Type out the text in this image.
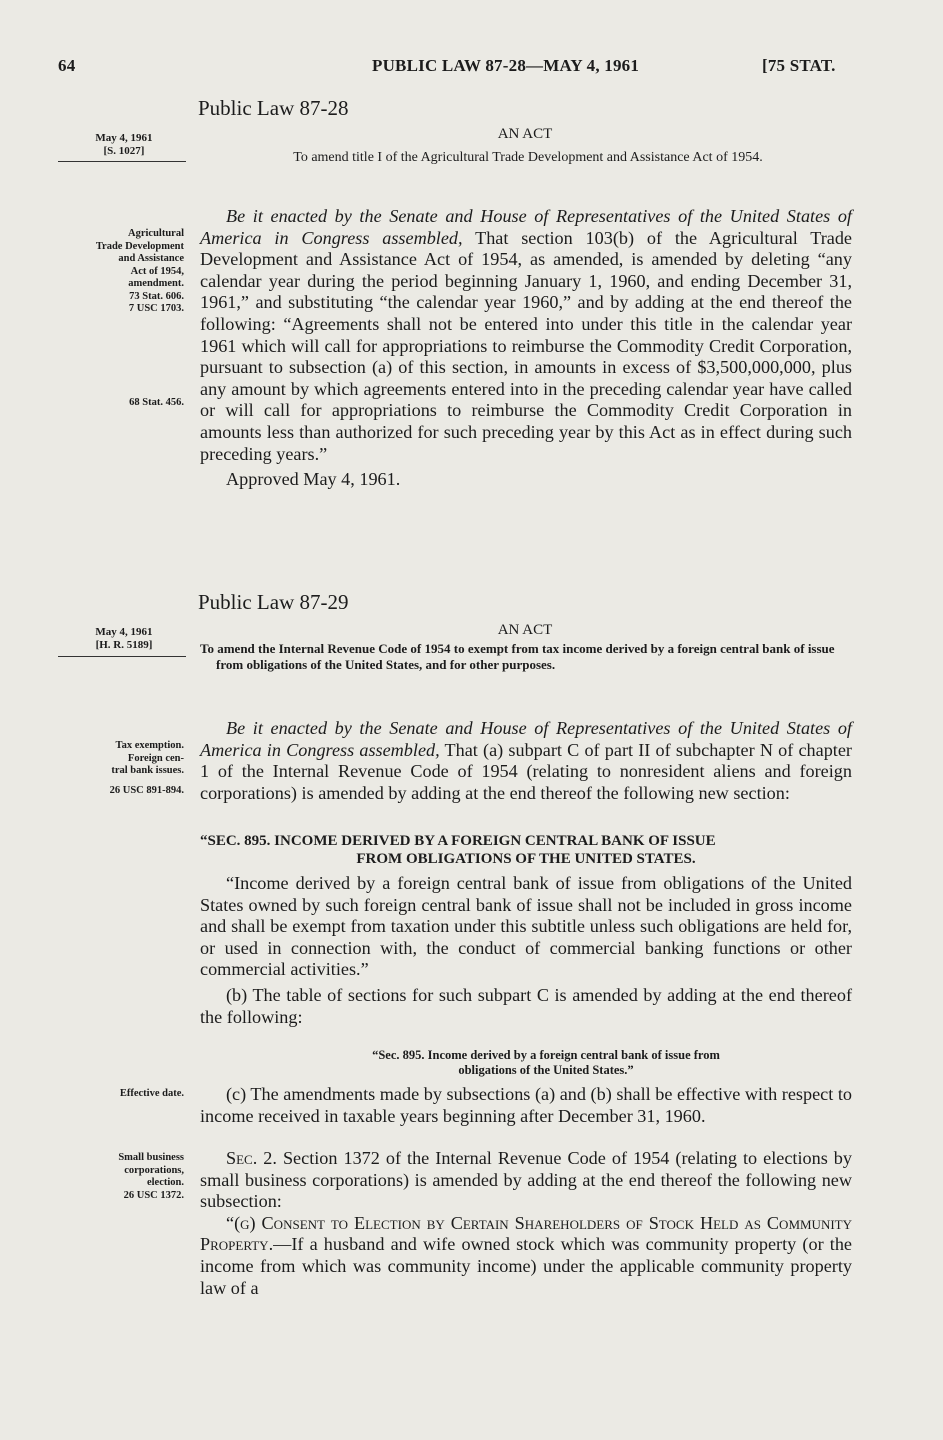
64	PUBLIC LAW 87-28—MAY 4, 1961	[75 STAT.
Public Law 87-28
AN ACT
May 4, 1961
[S. 1027]	To amend title I of the Agricultural Trade Development and Assistance Act of 1954.
Agricultural
Trade Development
and Assistance
Act of 1954,
amendment.
73 Stat. 606.
7 USC 1703.
68 Stat. 456.

Be it enacted by the Senate and House of Representatives of the United States of America in Congress assembled, That section 103(b) of the Agricultural Trade Development and Assistance Act of 1954, as amended, is amended by deleting “any calendar year during the period beginning January 1, 1960, and ending December 31, 1961,” and substituting “the calendar year 1960,” and by adding at the end thereof the following: “Agreements shall not be entered into under this title in the calendar year 1961 which will call for appropriations to reimburse the Commodity Credit Corporation, pursuant to subsection (a) of this section, in amounts in excess of $3,500,000,000, plus any amount by which agreements entered into in the preceding calendar year have called or will call for appropriations to reimburse the Commodity Credit Corporation in amounts less than authorized for such preceding year by this Act as in effect during such preceding years.”

Approved May 4, 1961.

Public Law 87-29
AN ACT
May 4, 1961
[H. R. 5189]	To amend the Internal Revenue Code of 1954 to exempt from tax income derived by a foreign central bank of issue from obligations of the United States, and for other purposes.
Tax exemption.
Foreign cen-
tral bank issues.
26 USC 891-894.

Be it enacted by the Senate and House of Representatives of the United States of America in Congress assembled, That (a) subpart C of part II of subchapter N of chapter 1 of the Internal Revenue Code of 1954 (relating to nonresident aliens and foreign corporations) is amended by adding at the end thereof the following new section:

“SEC. 895. INCOME DERIVED BY A FOREIGN CENTRAL BANK OF ISSUE
FROM OBLIGATIONS OF THE UNITED STATES.

“Income derived by a foreign central bank of issue from obligations of the United States owned by such foreign central bank of issue shall not be included in gross income and shall be exempt from taxation under this subtitle unless such obligations are held for, or used in connection with, the conduct of commercial banking functions or other commercial activities.”

(b) The table of sections for such subpart C is amended by adding at the end thereof the following:

“Sec. 895. Income derived by a foreign central bank of issue from
obligations of the United States.”
Effective date.	(c) The amendments made by subsections (a) and (b) shall be effective with respect to income received in taxable years beginning after December 31, 1960.

Small business
corporations,
election.
26 USC 1372.

Sec. 2. Section 1372 of the Internal Revenue Code of 1954 (relating to elections by small business corporations) is amended by adding at the end thereof the following new subsection:

“(g) Consent to Election by Certain Shareholders of Stock Held as Community Property.—If a husband and wife owned stock which was community property (or the income from which was community income) under the applicable community property law of a
